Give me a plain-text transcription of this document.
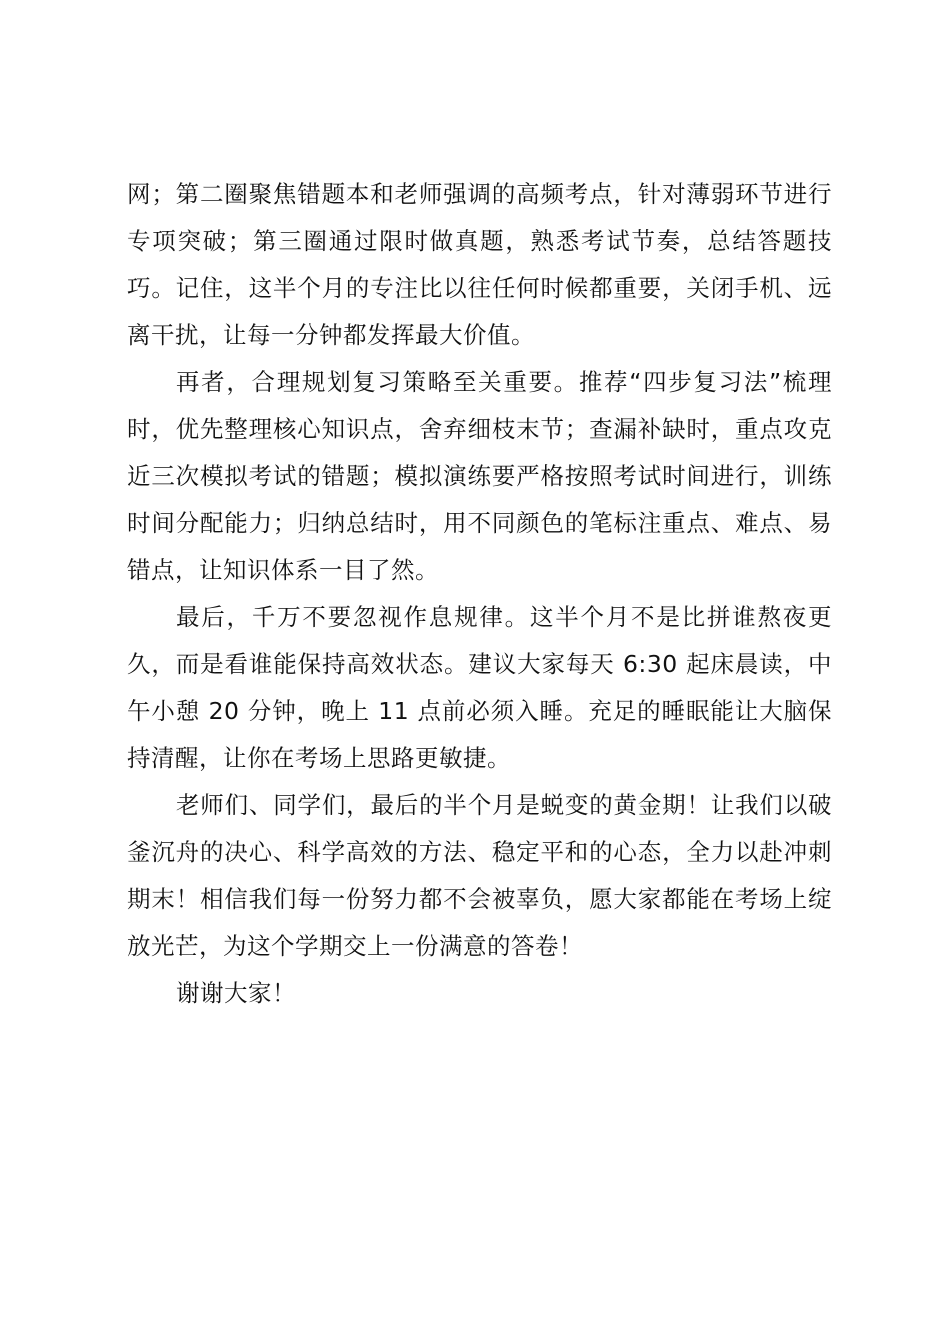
网；第二圈聚焦错题本和老师强调的高频考点，针对薄弱环节进行专项突破；第三圈通过限时做真题，熟悉考试节奏，总结答题技巧。记住，这半个月的专注比以往任何时候都重要，关闭手机、远离干扰，让每一分钟都发挥最大价值。

再者，合理规划复习策略至关重要。推荐“四步复习法”梳理时，优先整理核心知识点，舍弃细枝末节；查漏补缺时，重点攻克近三次模拟考试的错题；模拟演练要严格按照考试时间进行，训练时间分配能力；归纳总结时，用不同颜色的笔标注重点、难点、易错点，让知识体系一目了然。

最后，千万不要忽视作息规律。这半个月不是比拼谁熬夜更久，而是看谁能保持高效状态。建议大家每天 6:30 起床晨读，中午小憩 20 分钟，晚上 11 点前必须入睡。充足的睡眠能让大脑保持清醒，让你在考场上思路更敏捷。

老师们、同学们，最后的半个月是蜕变的黄金期！让我们以破釜沉舟的决心、科学高效的方法、稳定平和的心态，全力以赴冲刺期末！相信我们每一份努力都不会被辜负，愿大家都能在考场上绽放光芒，为这个学期交上一份满意的答卷！

谢谢大家！
